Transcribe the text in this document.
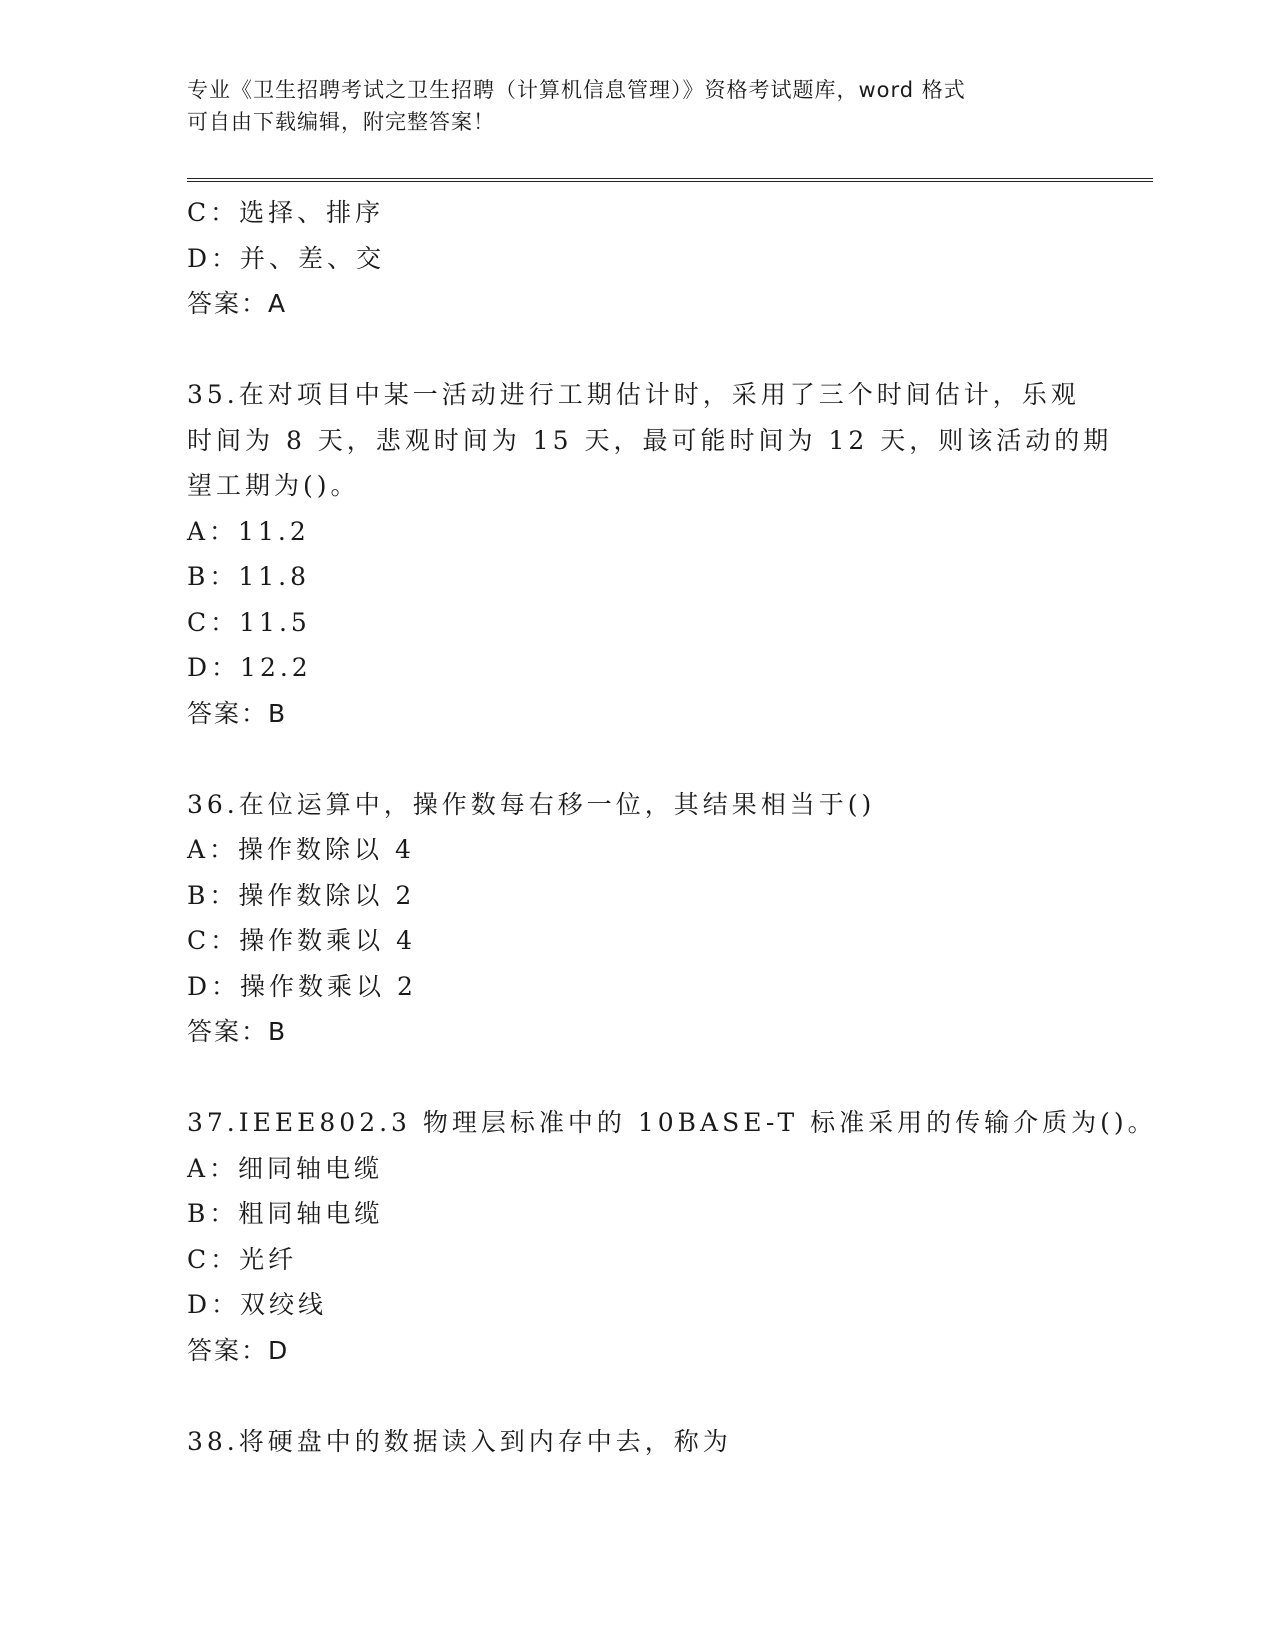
专业《卫生招聘考试之卫生招聘（计算机信息管理）》资格考试题库，word 格式
可自由下载编辑，附完整答案！
C：选择、排序
D：并、差、交
答案：A
35.在对项目中某一活动进行工期估计时，采用了三个时间估计，乐观
时间为 8 天，悲观时间为 15 天，最可能时间为 12 天，则该活动的期
望工期为()。
A：11.2
B：11.8
C：11.5
D：12.2
答案：B
36.在位运算中，操作数每右移一位，其结果相当于()
A：操作数除以 4
B：操作数除以 2
C：操作数乘以 4
D：操作数乘以 2
答案：B
37.IEEE802.3 物理层标准中的 10BASE-T 标准采用的传输介质为()。
A：细同轴电缆
B：粗同轴电缆
C：光纤
D：双绞线
答案：D
38.将硬盘中的数据读入到内存中去，称为
